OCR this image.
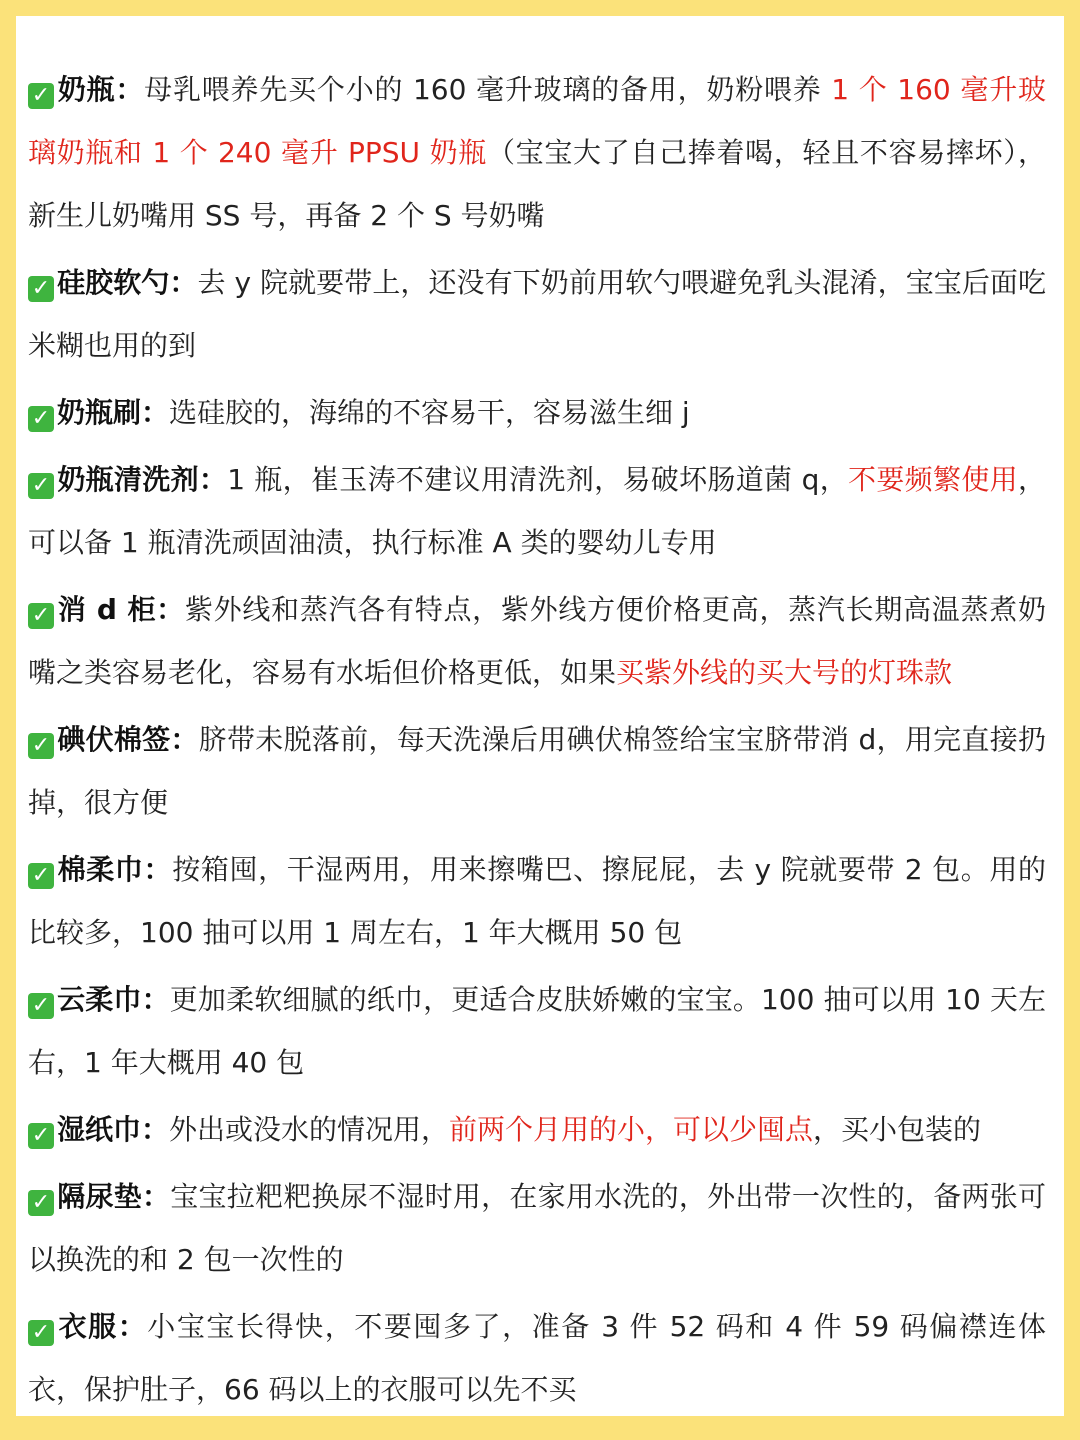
✓ 奶瓶：母乳喂养先买个小的 160 毫升玻璃的备用，奶粉喂养 1 个 160 毫升玻璃奶瓶和 1 个 240 毫升 PPSU 奶瓶（宝宝大了自己捧着喝，轻且不容易摔坏），新生儿奶嘴用 SS 号，再备 2 个 S 号奶嘴
✓ 硅胶软勺：去 y 院就要带上，还没有下奶前用软勺喂避免乳头混淆，宝宝后面吃米糊也用的到
✓ 奶瓶刷：选硅胶的，海绵的不容易干，容易滋生细 j
✓ 奶瓶清洗剂：1 瓶，崔玉涛不建议用清洗剂，易破坏肠道菌 q，不要频繁使用，可以备 1 瓶清洗顽固油渍，执行标准 A 类的婴幼儿专用
✓ 消 d 柜：紫外线和蒸汽各有特点，紫外线方便价格更高，蒸汽长期高温蒸煮奶嘴之类容易老化，容易有水垢但价格更低，如果买紫外线的买大号的灯珠款
✓ 碘伏棉签：脐带未脱落前，每天洗澡后用碘伏棉签给宝宝脐带消 d，用完直接扔掉，很方便
✓ 棉柔巾：按箱囤，干湿两用，用来擦嘴巴、擦屁屁，去 y 院就要带 2 包。用的比较多，100 抽可以用 1 周左右，1 年大概用 50 包
✓ 云柔巾：更加柔软细腻的纸巾，更适合皮肤娇嫩的宝宝。100 抽可以用 10 天左右，1 年大概用 40 包
✓ 湿纸巾：外出或没水的情况用，前两个月用的小，可以少囤点，买小包装的
✓ 隔尿垫：宝宝拉粑粑换尿不湿时用，在家用水洗的，外出带一次性的，备两张可以换洗的和 2 包一次性的
✓ 衣服：小宝宝长得快，不要囤多了，准备 3 件 52 码和 4 件 59 码偏襟连体衣，保护肚子，66 码以上的衣服可以先不买
